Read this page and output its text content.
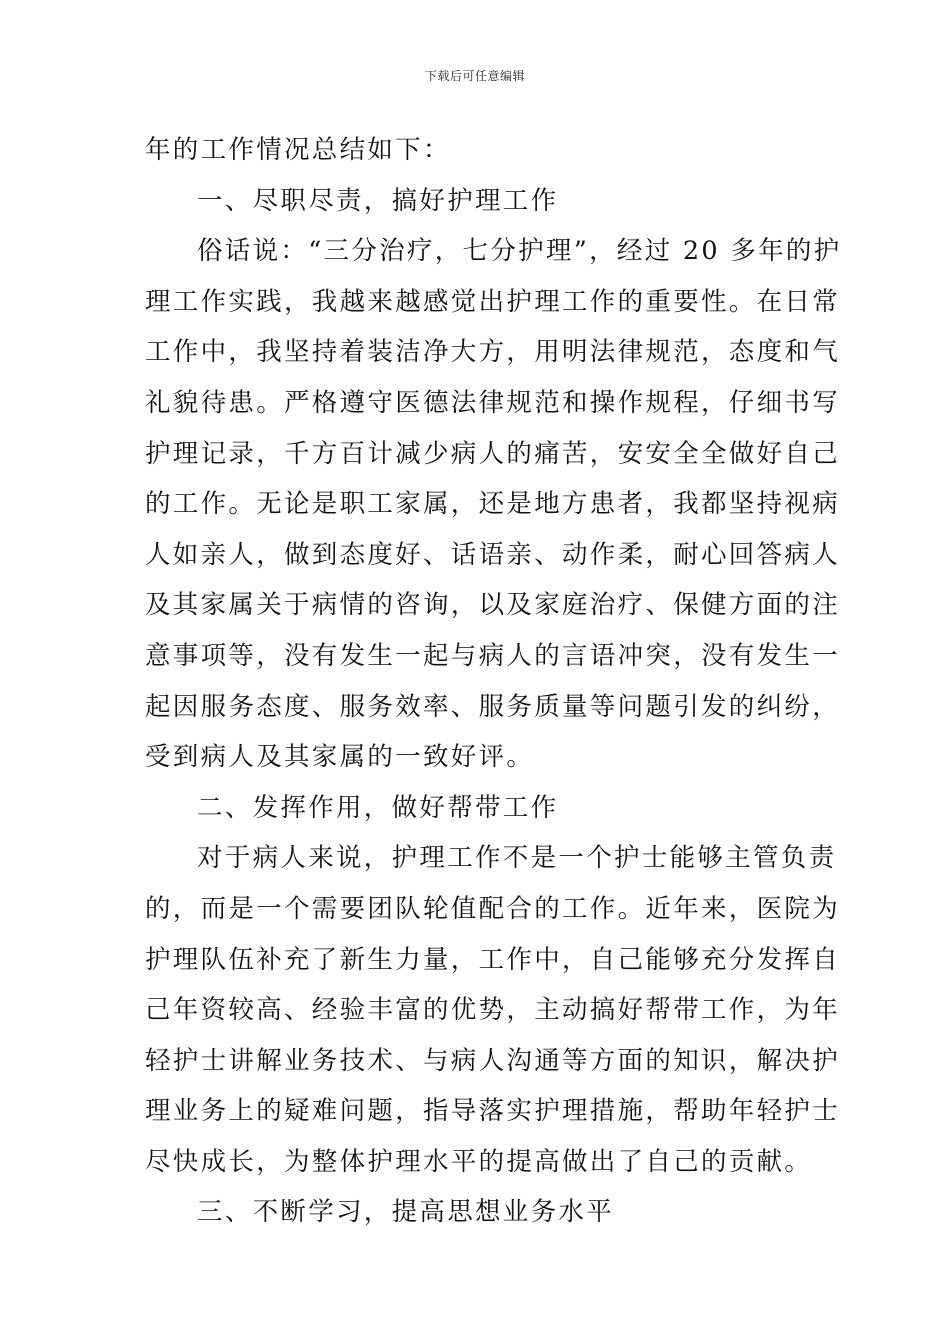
下载后可任意编辑
年的工作情况总结如下：
一、尽职尽责，搞好护理工作
俗话说：“三分治疗，七分护理”，经过 20 多年的护
理工作实践，我越来越感觉出护理工作的重要性。在日常
工作中，我坚持着装洁净大方，用明法律规范，态度和气
礼貌待患。严格遵守医德法律规范和操作规程，仔细书写
护理记录，千方百计减少病人的痛苦，安安全全做好自己
的工作。无论是职工家属，还是地方患者，我都坚持视病
人如亲人，做到态度好、话语亲、动作柔，耐心回答病人
及其家属关于病情的咨询，以及家庭治疗、保健方面的注
意事项等，没有发生一起与病人的言语冲突，没有发生一
起因服务态度、服务效率、服务质量等问题引发的纠纷，
受到病人及其家属的一致好评。
二、发挥作用，做好帮带工作
对于病人来说，护理工作不是一个护士能够主管负责
的，而是一个需要团队轮值配合的工作。近年来，医院为
护理队伍补充了新生力量，工作中，自己能够充分发挥自
己年资较高、经验丰富的优势，主动搞好帮带工作，为年
轻护士讲解业务技术、与病人沟通等方面的知识，解决护
理业务上的疑难问题，指导落实护理措施，帮助年轻护士
尽快成长，为整体护理水平的提高做出了自己的贡献。
三、不断学习，提高思想业务水平
